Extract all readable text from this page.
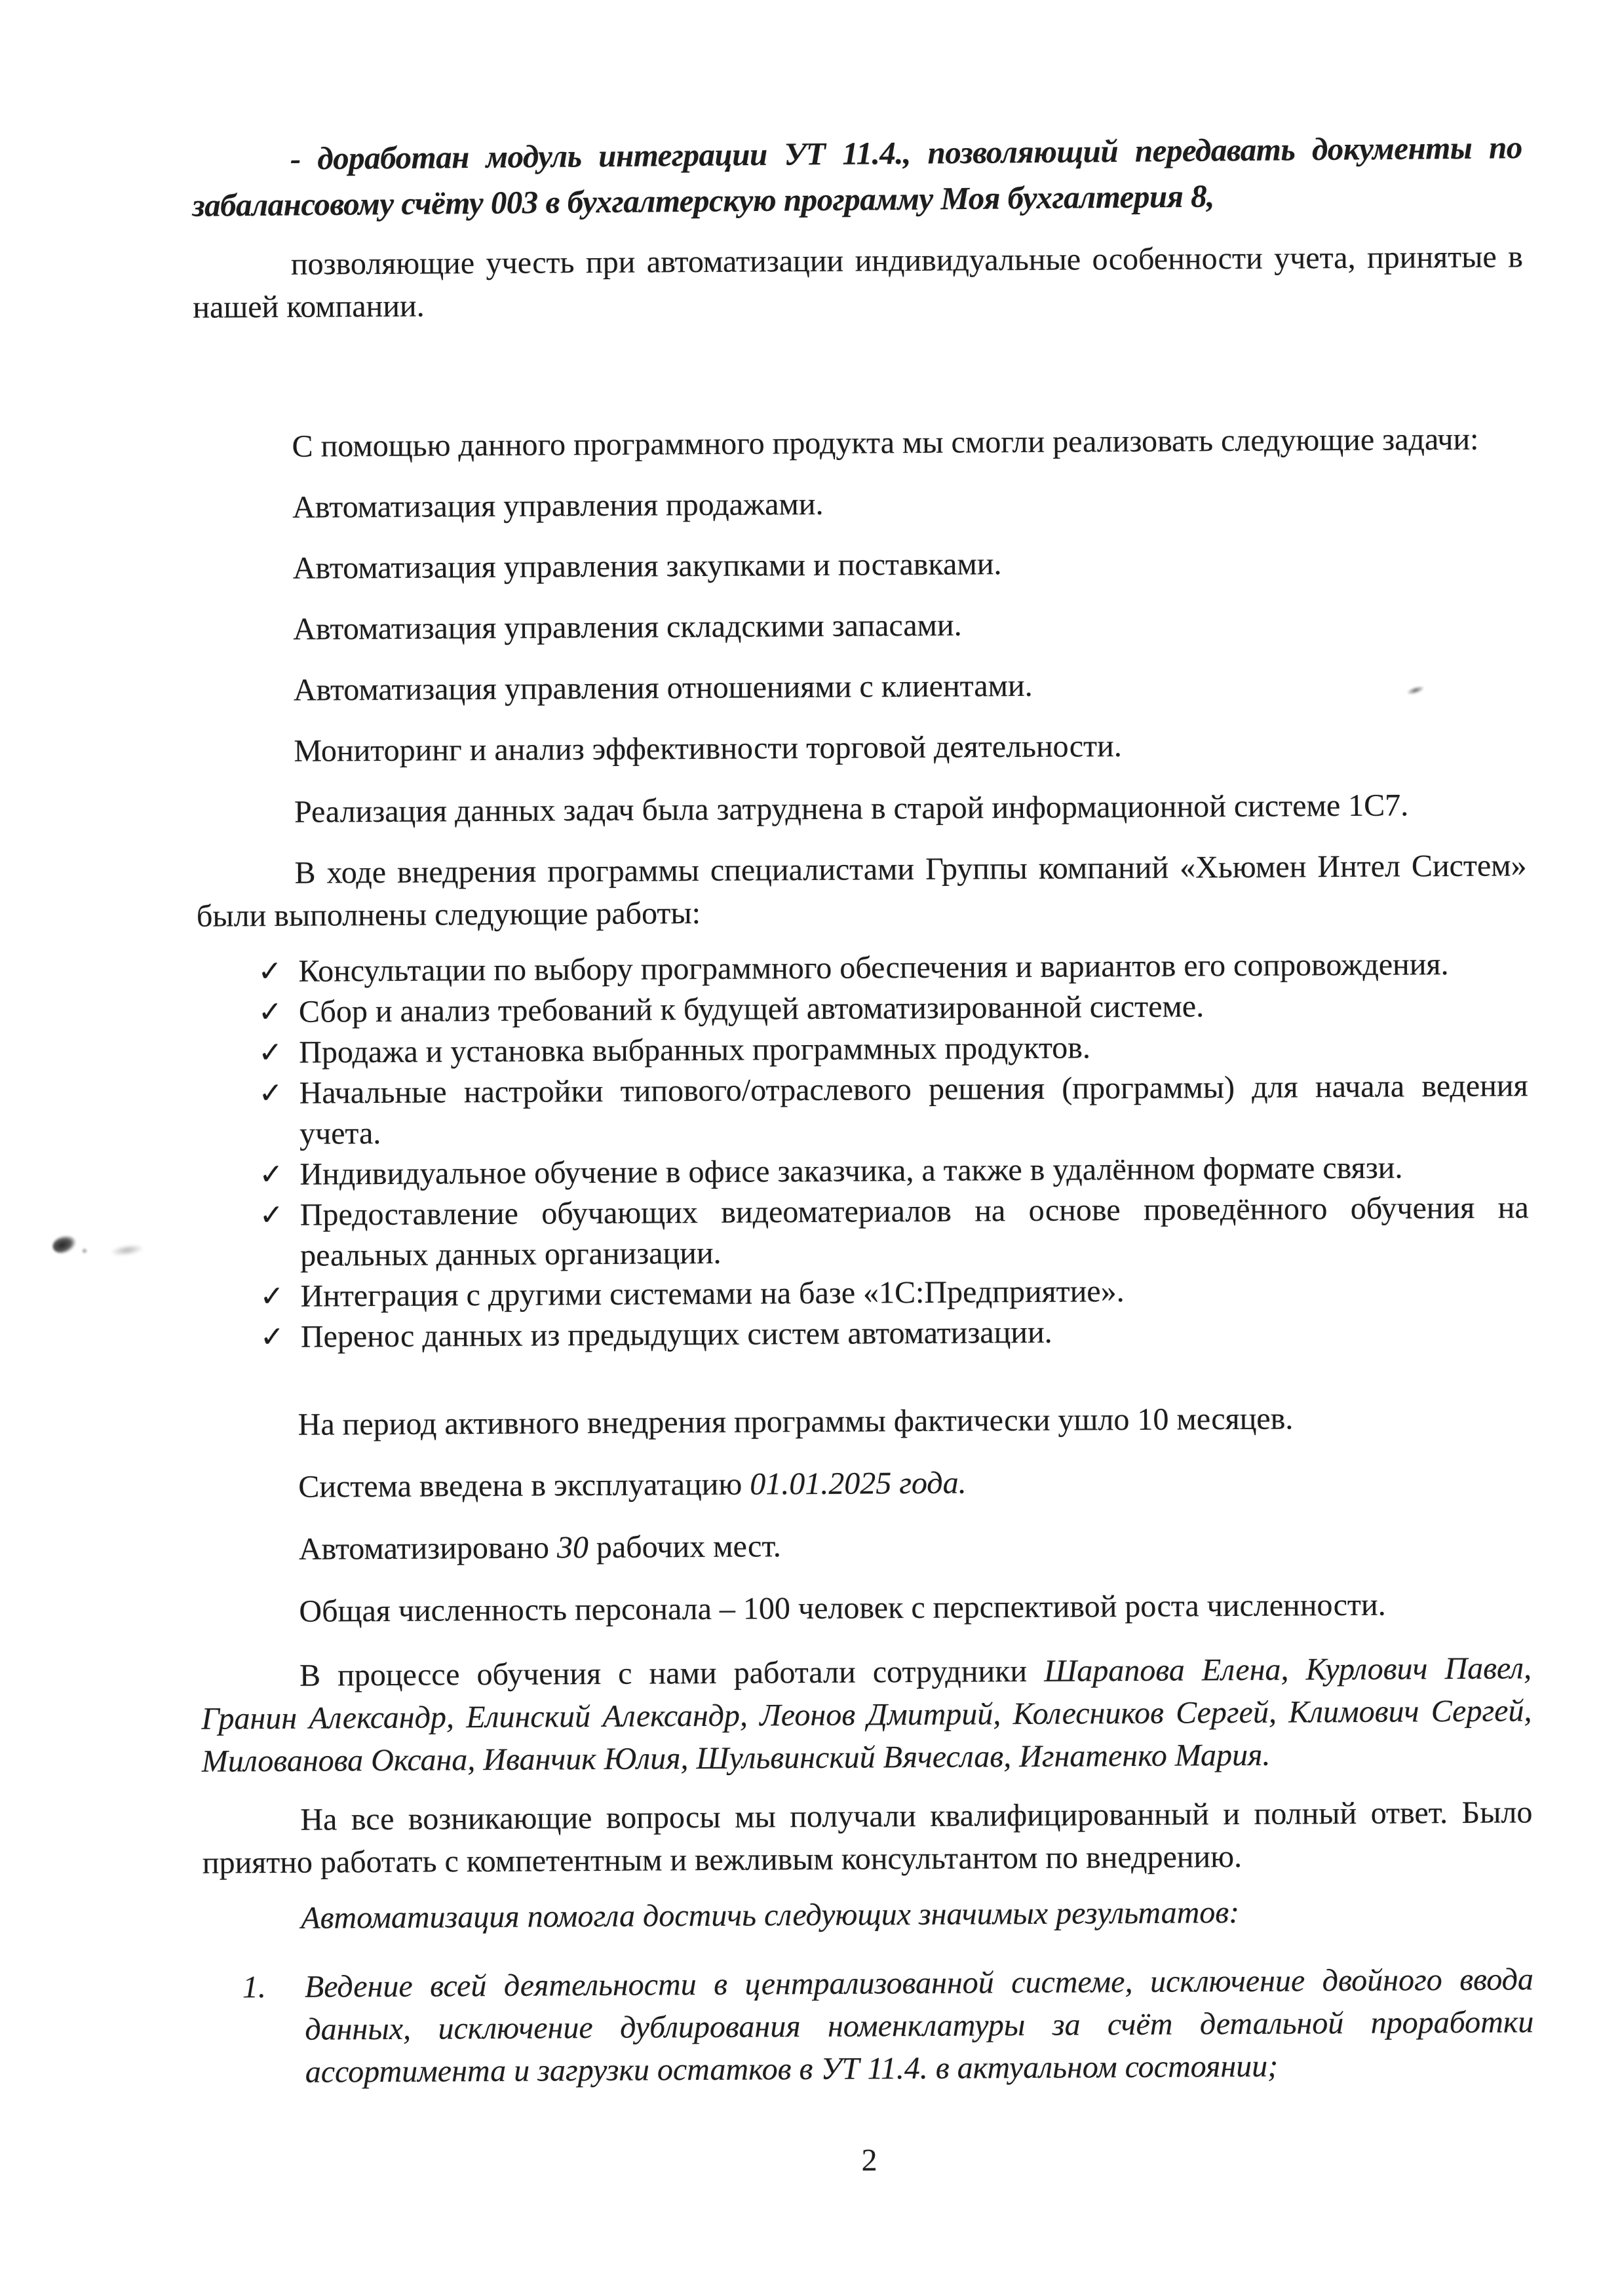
- доработан модуль интеграции УТ 11.4., позволяющий передавать документы по забалансовому счёту 003 в бухгалтерскую программу Моя бухгалтерия 8,

позволяющие учесть при автоматизации индивидуальные особенности учета, принятые в нашей компании.

С помощью данного программного продукта мы смогли реализовать следующие задачи:

Автоматизация управления продажами.

Автоматизация управления закупками и поставками.

Автоматизация управления складскими запасами.

Автоматизация управления отношениями с клиентами.

Мониторинг и анализ эффективности торговой деятельности.

Реализация данных задач была затруднена в старой информационной системе 1С7.

В ходе внедрения программы специалистами Группы компаний «Хьюмен Интел Систем» были выполнены следующие работы:

✓ Консультации по выбору программного обеспечения и вариантов его сопровождения.
✓ Сбор и анализ требований к будущей автоматизированной системе.
✓ Продажа и установка выбранных программных продуктов.
✓ Начальные настройки типового/отраслевого решения (программы) для начала ведения учета.
✓ Индивидуальное обучение в офисе заказчика, а также в удалённом формате связи.
✓ Предоставление обучающих видеоматериалов на основе проведённого обучения на реальных данных организации.
✓ Интеграция с другими системами на базе «1С:Предприятие».
✓ Перенос данных из предыдущих систем автоматизации.

На период активного внедрения программы фактически ушло 10 месяцев.

Система введена в эксплуатацию 01.01.2025 года.

Автоматизировано 30 рабочих мест.

Общая численность персонала – 100 человек с перспективой роста численности.

В процессе обучения с нами работали сотрудники Шарапова Елена, Курлович Павел, Гранин Александр, Елинский Александр, Леонов Дмитрий, Колесников Сергей, Климович Сергей, Милованова Оксана, Иванчик Юлия, Шульвинский Вячеслав, Игнатенко Мария.

На все возникающие вопросы мы получали квалифицированный и полный ответ. Было приятно работать с компетентным и вежливым консультантом по внедрению.

Автоматизация помогла достичь следующих значимых результатов:

1. Ведение всей деятельности в централизованной системе, исключение двойного ввода данных, исключение дублирования номенклатуры за счёт детальной проработки ассортимента и загрузки остатков в УТ 11.4. в актуальном состоянии;

2
